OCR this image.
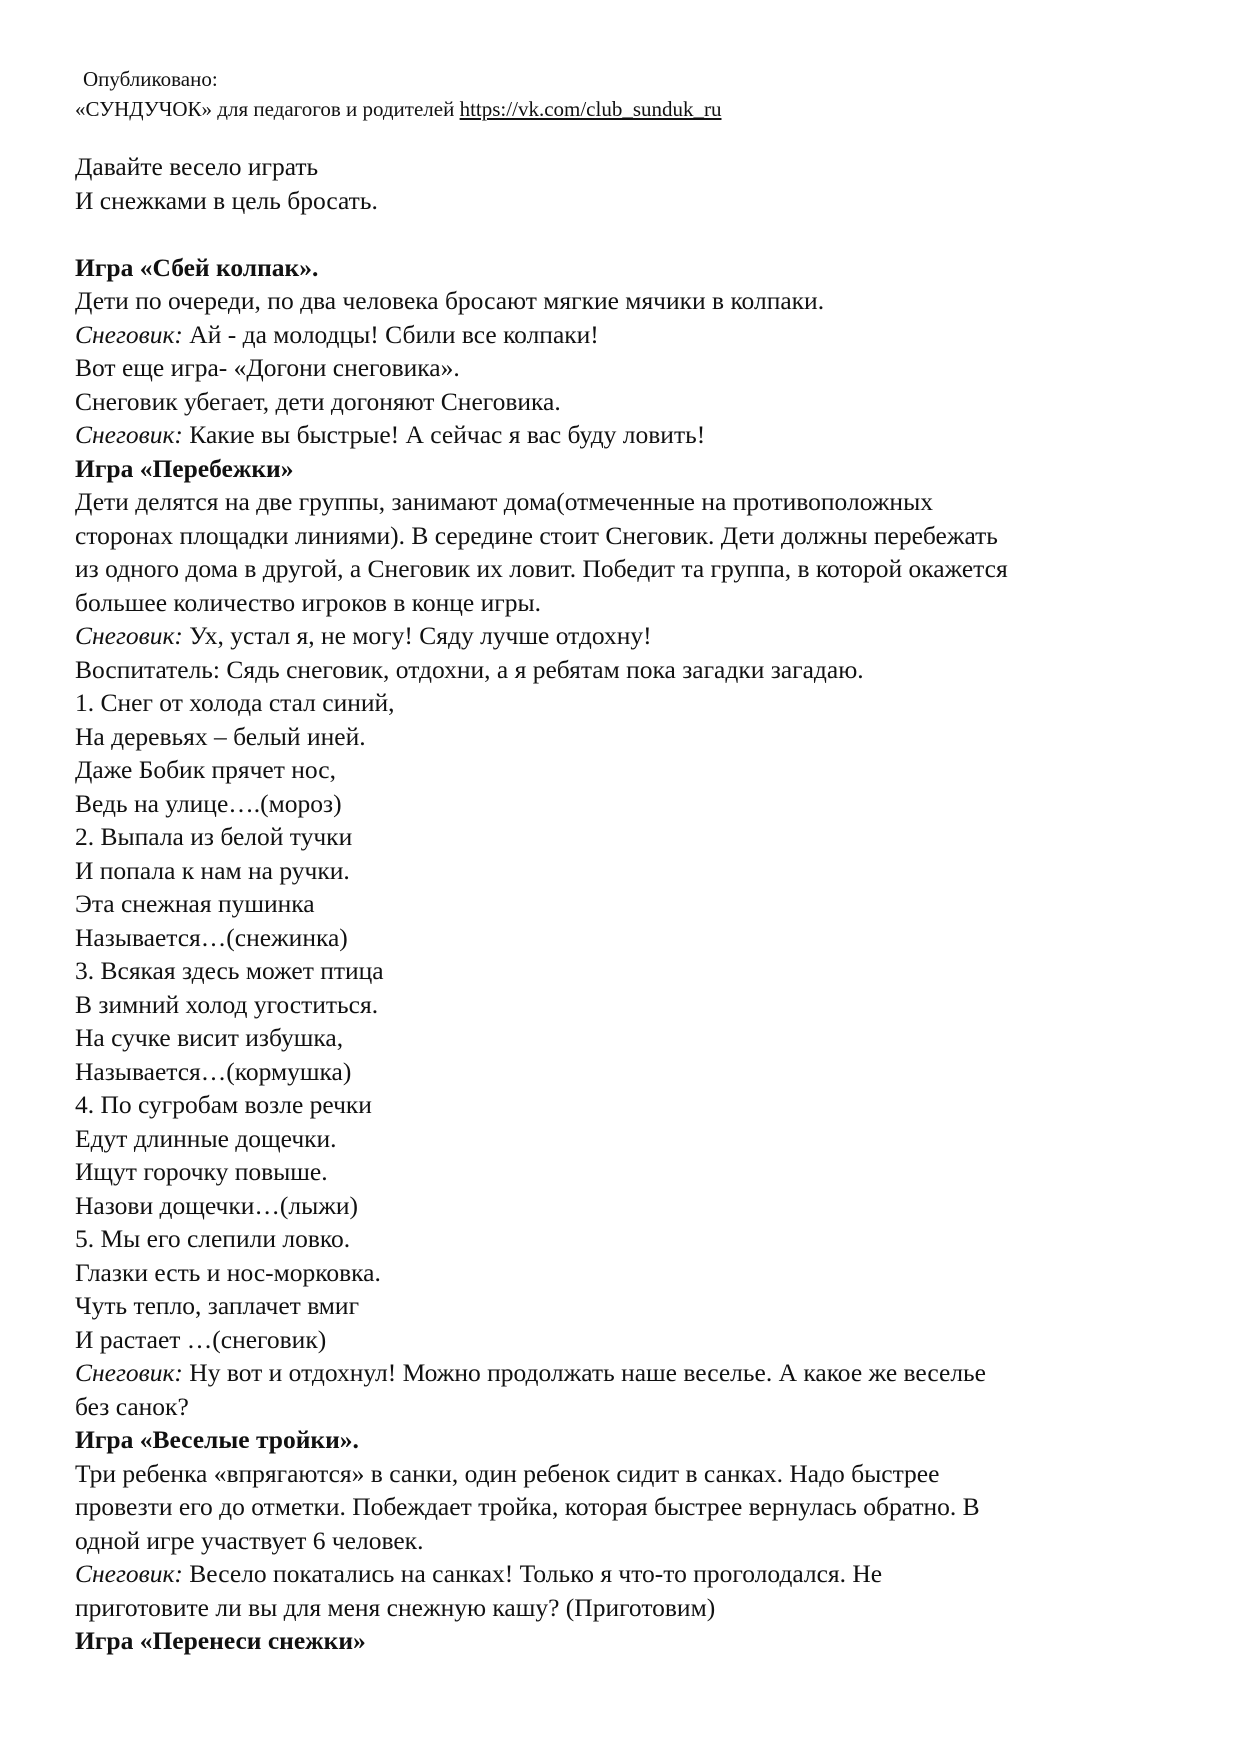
Опубликовано:
«СУНДУЧОК» для педагогов и родителей https://vk.com/club_sunduk_ru
Давайте весело играть
И снежками в цель бросать.
Игра «Сбей колпак».
Дети по очереди, по два человека бросают мягкие мячики в колпаки.
Снеговик: Ай - да молодцы! Сбили все колпаки!
Вот еще игра- «Догони снеговика».
Снеговик убегает, дети догоняют Снеговика.
Снеговик: Какие вы быстрые! А сейчас я вас буду ловить!
Игра «Перебежки»
Дети делятся на две группы, занимают дома(отмеченные на противоположных
сторонах площадки линиями). В середине стоит Снеговик. Дети должны перебежать
из одного дома в другой, а Снеговик их ловит. Победит та группа, в которой окажется
большее количество игроков в конце игры.
Снеговик: Ух, устал я, не могу! Сяду лучше отдохну!
Воспитатель: Сядь снеговик, отдохни, а я ребятам пока загадки загадаю.
1. Снег от холода стал синий,
На деревьях – белый иней.
Даже Бобик прячет нос,
Ведь на улице….(мороз)
2. Выпала из белой тучки
И попала к нам на ручки.
Эта снежная пушинка
Называется…(снежинка)
3. Всякая здесь может птица
В зимний холод угоститься.
На сучке висит избушка,
Называется…(кормушка)
4. По сугробам возле речки
Едут длинные дощечки.
Ищут горочку повыше.
Назови дощечки…(лыжи)
5. Мы его слепили ловко.
Глазки есть и нос-морковка.
Чуть тепло, заплачет вмиг
И растает …(снеговик)
Снеговик: Ну вот и отдохнул! Можно продолжать наше веселье. А какое же веселье
без санок?
Игра «Веселые тройки».
Три ребенка «впрягаются» в санки, один ребенок сидит в санках. Надо быстрее
провезти его до отметки. Побеждает тройка, которая быстрее вернулась обратно. В
одной игре участвует 6 человек.
Снеговик: Весело покатались на санках! Только я что-то проголодался. Не
приготовите ли вы для меня снежную кашу? (Приготовим)
Игра «Перенеси снежки»
